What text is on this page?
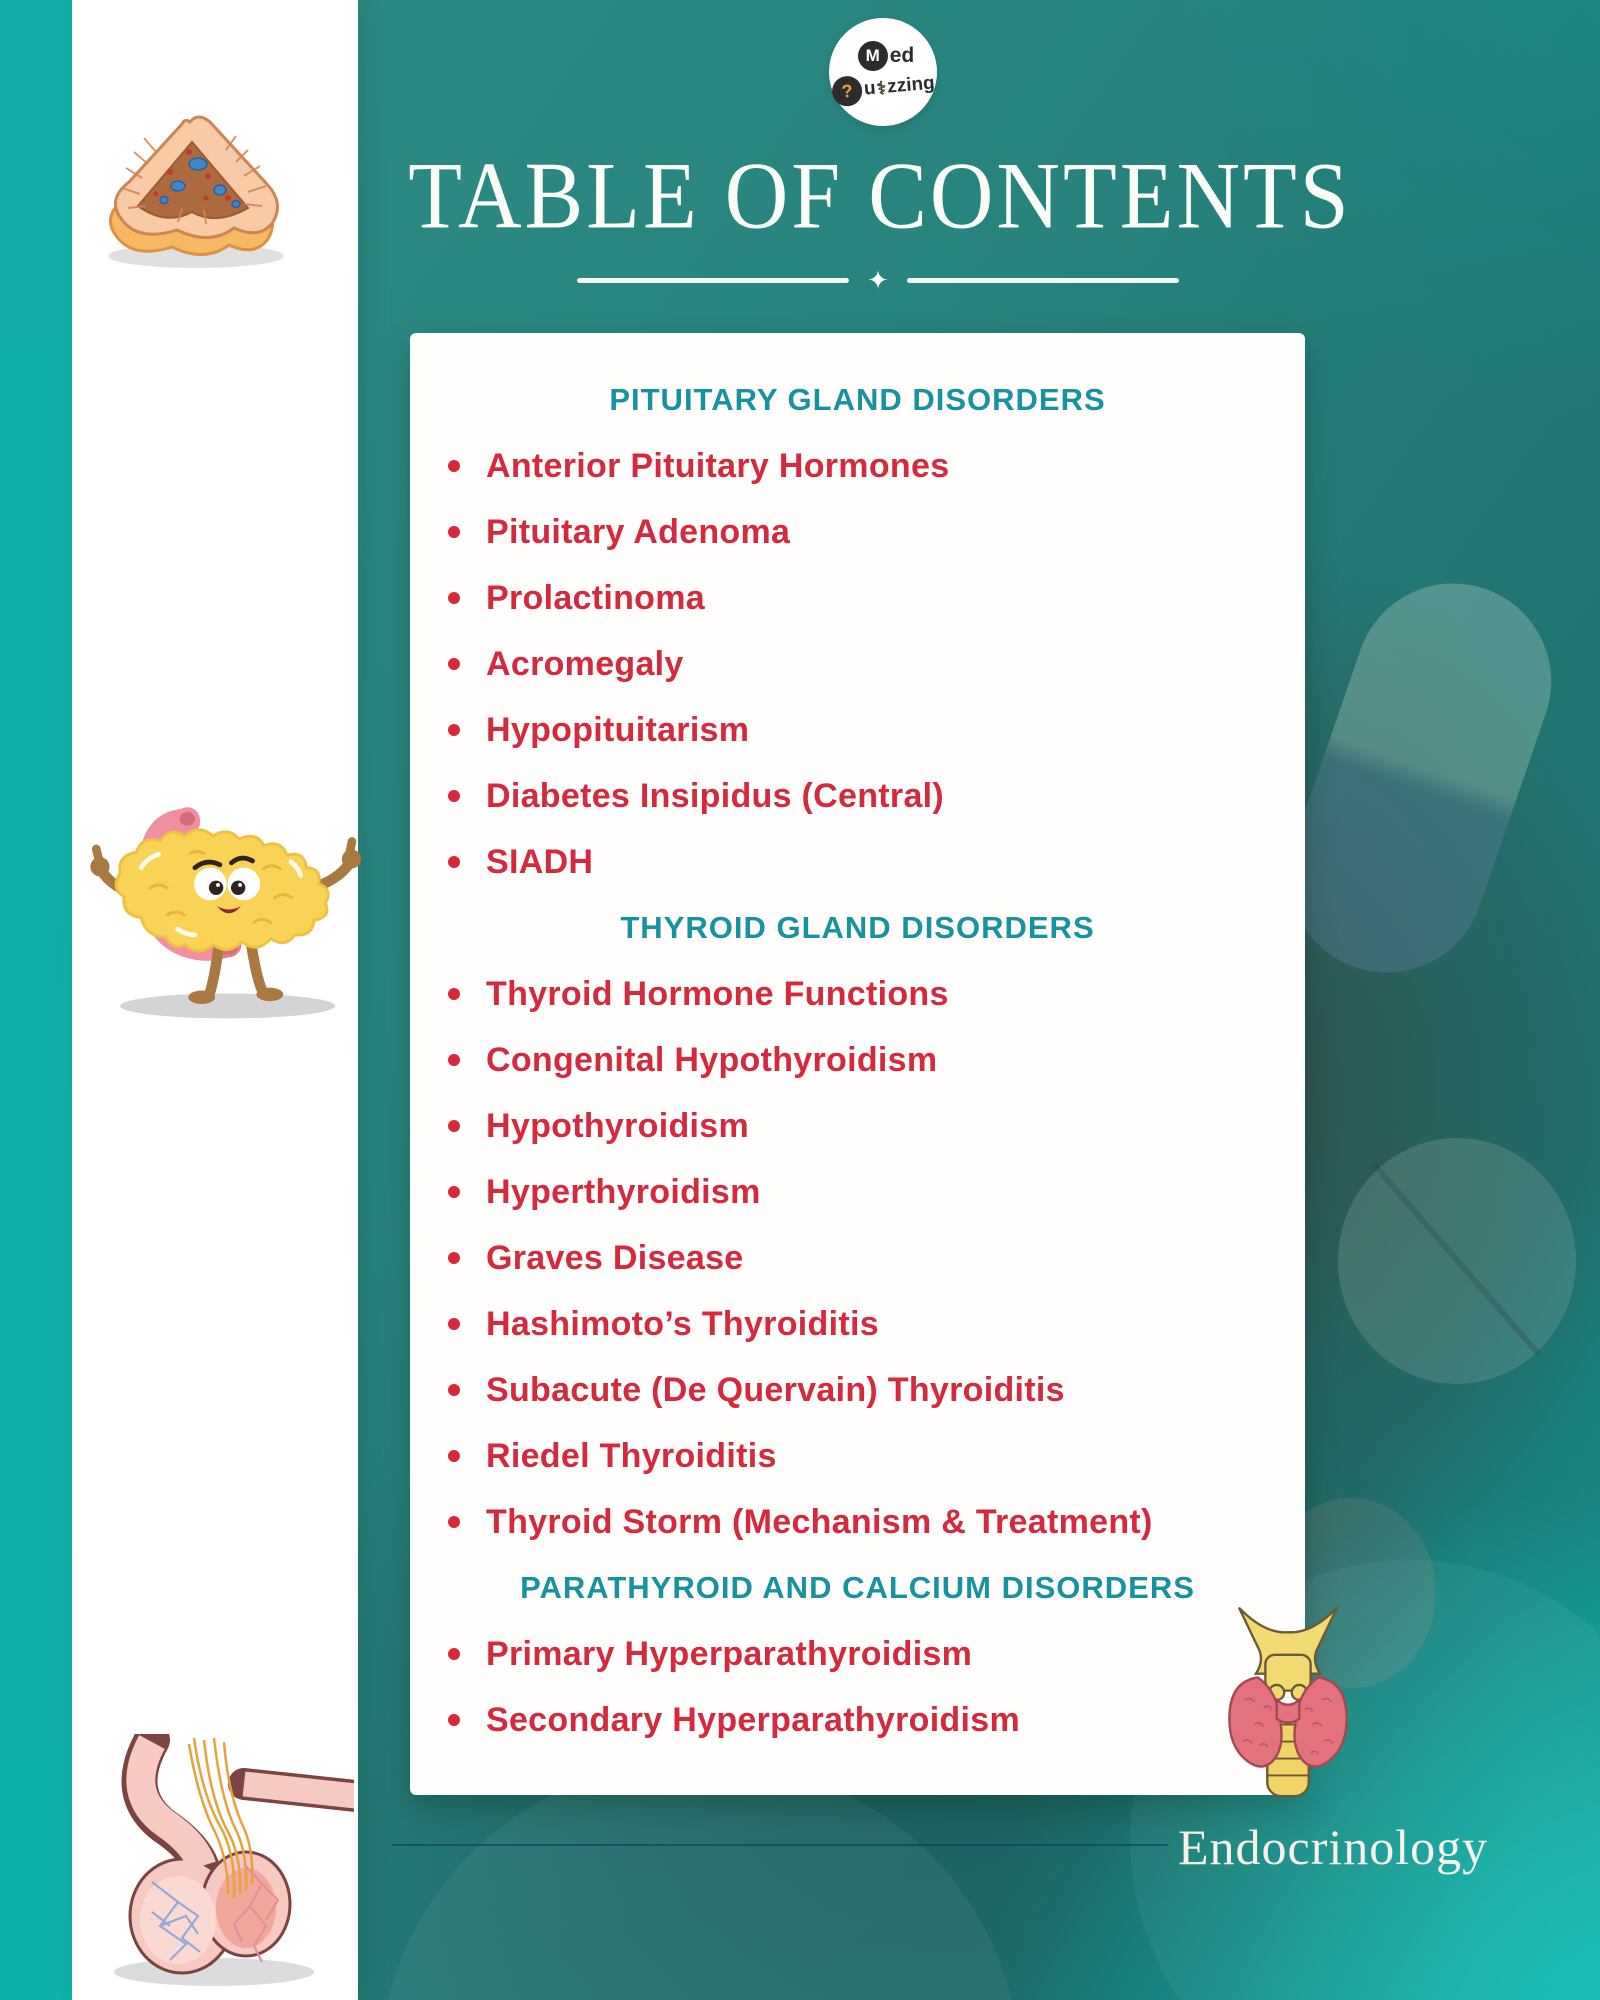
M ed
? u ⚕ zzing
TABLE OF CONTENTS
✦
PITUITARY GLAND DISORDERS
Anterior Pituitary Hormones
Pituitary Adenoma
Prolactinoma
Acromegaly
Hypopituitarism
Diabetes Insipidus (Central)
SIADH
THYROID GLAND DISORDERS
Thyroid Hormone Functions
Congenital Hypothyroidism
Hypothyroidism
Hyperthyroidism
Graves Disease
Hashimoto’s Thyroiditis
Subacute (De Quervain) Thyroiditis
Riedel Thyroiditis
Thyroid Storm (Mechanism & Treatment)
PARATHYROID AND CALCIUM DISORDERS
Primary Hyperparathyroidism
Secondary Hyperparathyroidism
Endocrinology
